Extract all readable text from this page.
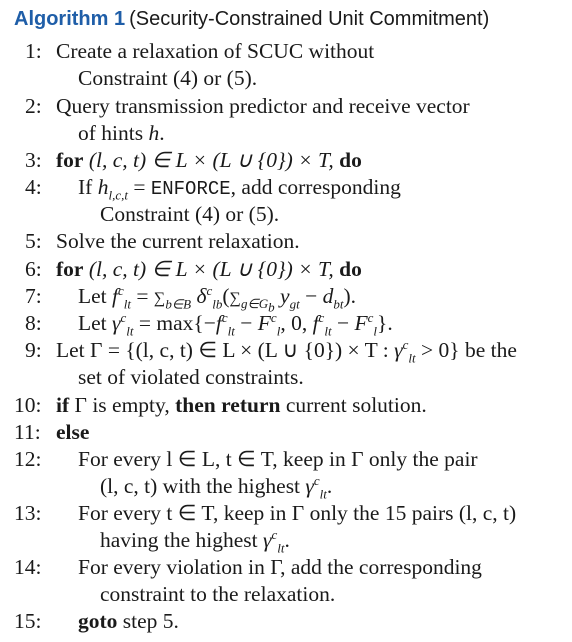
Algorithm 1 (Security-Constrained Unit Commitment)
1: Create a relaxation of SCUC without
Constraint (4) or (5).
2: Query transmission predictor and receive vector
of hints h.
3: for (l, c, t) ∈ L × (L ∪ {0}) × T, do
4: If $h_{l,c,t}$ = ENFORCE, add corresponding
Constraint (4) or (5).
5: Solve the current relaxation.
6: for (l, c, t) ∈ L × (L ∪ {0}) × T, do
7: Let $f^c_{lt} = \sum_{b\in B}$ $\delta^c_{lb}(\sum_{g\in G_b}$ $y_{gt} - d_{bt}$).
8: Let $\gamma^c_{lt} = \max\{-f^c_{lt} - F^c_l$, 0, $f^c_{lt} - F^c_l$}.
9: Let Γ = {(l, c, t) ∈ L × (L ∪ {0}) × T : $\gamma^c_{lt} > 0$} be the
set of violated constraints.
10: if Γ is empty, then return current solution.
11: else
12: For every l ∈ L, t ∈ T, keep in Γ only the pair
(l, c, t) with the highest $\gamma^c_{lt}$.
13: For every t ∈ T, keep in Γ only the 15 pairs (l, c, t)
having the highest $\gamma^c_{lt}$.
14: For every violation in Γ, add the corresponding
constraint to the relaxation.
15: goto step 5.
